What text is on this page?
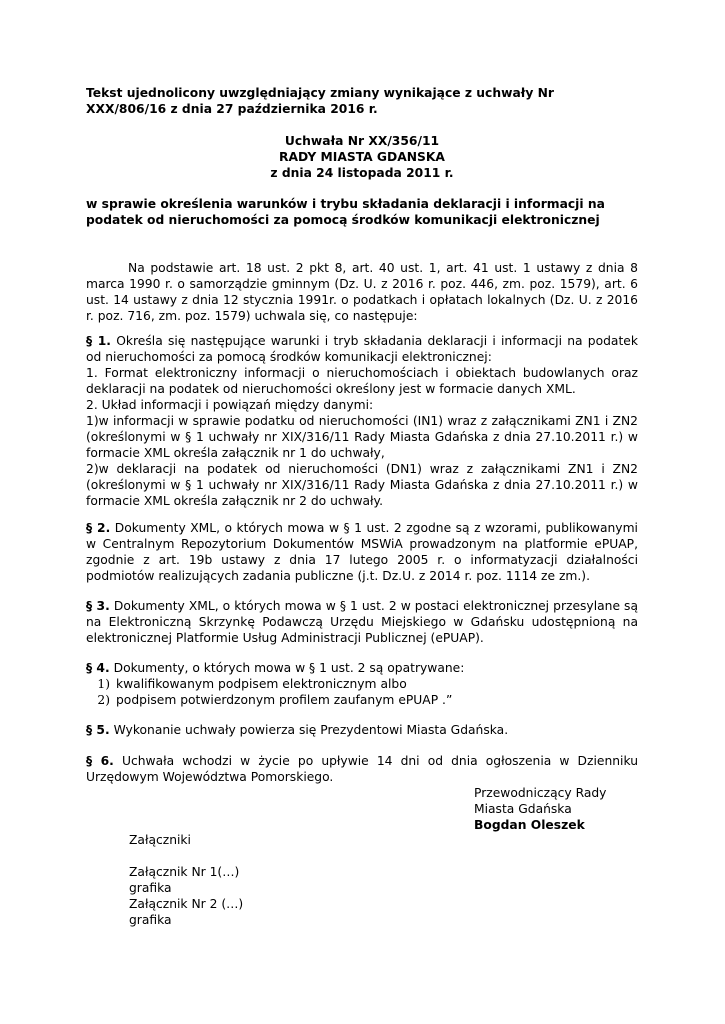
Tekst ujednolicony uwzględniający zmiany wynikające z uchwały Nr XXX/806/16 z dnia 27 października 2016 r.

Uchwała Nr XX/356/11
RADY MIASTA GDANSKA
z dnia 24 listopada 2011 r.

w sprawie określenia warunków i trybu składania deklaracji i informacji na podatek od nieruchomości za pomocą środków komunikacji elektronicznej

Na podstawie art. 18 ust. 2 pkt 8, art. 40 ust. 1, art. 41 ust. 1 ustawy z dnia 8 marca 1990 r. o samorządzie gminnym (Dz. U. z 2016 r. poz. 446, zm. poz. 1579), art. 6 ust. 14 ustawy z dnia 12 stycznia 1991r. o podatkach i opłatach lokalnych (Dz. U. z 2016 r. poz. 716, zm. poz. 1579) uchwala się, co następuje:

§ 1. Określa się następujące warunki i tryb składania deklaracji i informacji na podatek od nieruchomości za pomocą środków komunikacji elektronicznej:

1. Format elektroniczny informacji o nieruchomościach i obiektach budowlanych oraz deklaracji na podatek od nieruchomości określony jest w formacie danych XML.

2. Układ informacji i powiązań między danymi:

1)w informacji w sprawie podatku od nieruchomości (IN1) wraz z załącznikami ZN1 i ZN2 (określonymi w § 1 uchwały nr XIX/316/11 Rady Miasta Gdańska z dnia 27.10.2011 r.) w formacie XML określa załącznik nr 1 do uchwały,

2)w deklaracji na podatek od nieruchomości (DN1) wraz z załącznikami ZN1 i ZN2 (określonymi w § 1 uchwały nr XIX/316/11 Rady Miasta Gdańska z dnia 27.10.2011 r.) w formacie XML określa załącznik nr 2 do uchwały.

§ 2. Dokumenty XML, o których mowa w § 1 ust. 2 zgodne są z wzorami, publikowanymi w Centralnym Repozytorium Dokumentów MSWiA prowadzonym na platformie ePUAP, zgodnie z art. 19b ustawy z dnia 17 lutego 2005 r. o informatyzacji działalności podmiotów realizujących zadania publiczne (j.t. Dz.U. z 2014 r. poz. 1114 ze zm.).

§ 3. Dokumenty XML, o których mowa w § 1 ust. 2 w postaci elektronicznej przesylane są na Elektroniczną Skrzynkę Podawczą Urzędu Miejskiego w Gdańsku udostępnioną na elektronicznej Platformie Usług Administracji Publicznej (ePUAP).

§ 4. Dokumenty, o których mowa w § 1 ust. 2 są opatrywane:

1) kwalifikowanym podpisem elektronicznym albo
2) podpisem potwierdzonym profilem zaufanym ePUAP .”

§ 5. Wykonanie uchwały powierza się Prezydentowi Miasta Gdańska.

§ 6. Uchwała wchodzi w życie po upływie 14 dni od dnia ogłoszenia w Dzienniku Urzędowym Województwa Pomorskiego.

Przewodniczący Rady
Miasta Gdańska
Bogdan Oleszek
Załączniki
Załącznik Nr 1(…)
grafika
Załącznik Nr 2 (…)
grafika
